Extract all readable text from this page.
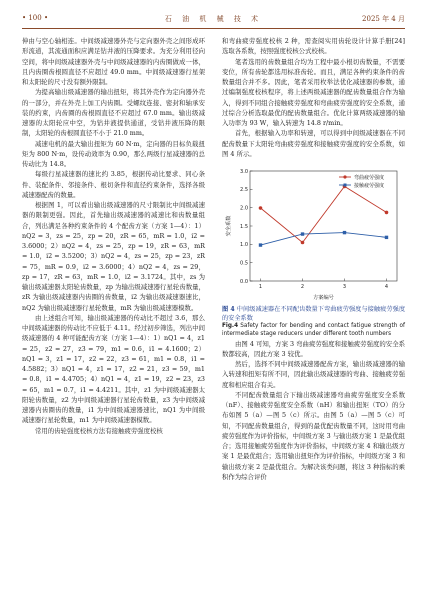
• 100 •	石 油 机 械 技 术	2025 年 4 月

伸由与空心轴相连。中间级减速器外壳与定向器外壳之间形成环形流道，其流通面积应满足钻井液的压降要求。为充分利用径向空间，将中间级减速器外壳与中间级减速器的内齿圈做成一体，且内齿圈齿根圆直径不应超过 49.0 mm。中间级减速器行星架和太阳轮的尺寸没有额外限制。

为提高输出级减速器的输出扭矩，将其外壳作为定向器外壳的一部分，并在外壳上加工内齿圈。受螺纹连接、密封和轴承安装的约束，内齿圈的齿根圆直径不应超过 67.0 mm。输出级减速器的太阳轮应中空，为钻井液提供通道，受钻井液压降的限制，太阳轮的齿根圆直径不小于 21.0 mm。

减速电机的最大输出扭矩为 60 N·m，定向器的目标负载扭矩为 800 N·m，设传动效率为 0.90，那么两级行星减速器的总传动比为 14.8。

每级行星减速器的速比约 3.85，根据传动比要求、同心条件、装配条件、邻接条件、根切条件和直径约束条件，选择各级减速器配齿的数量。

根据图 1，可以看出输出级减速器的尺寸限制比中间级减速器的限制更强。因此，首先输出级减速器的减速比和齿数量组合，列出满足各种约束条件的 4 个配齿方案（方案 1—4）：1）nQ2 = 3，zs = 25，zp = 20，zR = 65，mR = 1.0，i2 = 3.6000；2）nQ2 = 4，zs = 25，zp = 19，zR = 63，mR = 1.0，i2 = 3.5200；3）nQ2 = 4，zs = 25，zp = 23，zR = 75，mR = 0.9，i2 = 3.6000；4）nQ2 = 4，zs = 29，zp = 17，zR = 63，mR = 1.0，i2 = 3.1724。其中，zs 为输出级减速器太阳轮齿数量，zp 为输出级减速器行星轮齿数量，zR 为输出级减速器内齿圈的齿数量，i2 为输出级减速器速比，nQ2 为输出级减速器行星轮数量，mR 为输出级减速器模数。

由上述组合可知，输出级减速器的传动比不超过 3.6，那么中间级减速器的传动比不应低于 4.11。经过初步筛选，列出中间级减速器的 4 种可能配齿方案（方案 1—4）：1）nQ1 = 4，z1 = 25，z2 = 27，z3 = 79，m1 = 0.6，i1 = 4.1600；2）nQ1 = 3，z1 = 17，z2 = 22，z3 = 61，m1 = 0.8，i1 = 4.5882；3）nQ1 = 4，z1 = 17，z2 = 21，z3 = 59，m1 = 0.8，i1 = 4.4705；4）nQ1 = 4，z1 = 19，z2 = 23，z3 = 65，m1 = 0.7，i1 = 4.4211。其中，z1 为中间级减速器太阳轮齿数量，z2 为中间级减速器行星轮齿数量，z3 为中间级减速器内齿圈齿的数量，i1 为中间级减速器速比，nQ1 为中间级减速器行星轮数量，m1 为中间级减速器模数。

常用的齿轮强度校核方法有接触疲劳强度校核

和弯曲疲劳强度校核 2 种，需查阅实用齿轮设计计算手册[24] 选取各系数，按照强度校核公式校核。

笔者选用的齿数量组合均为工程中最小根切齿数量，不需要变位，所有齿轮都选用标准齿轮。而且，满足各种约束条件的齿数量组合并不多。因此，笔者采用枚举法优化减速器的参数，通过编制强度校核程序，将上述两级减速器的配齿数量组合作为输入，得到不同组合接触疲劳强度和弯曲疲劳强度的安全系数，通过综合分析选取最优的配齿数量组合。优化计算两级减速器的输入功率为 93 W，输入转速为 14.8 r/min。

首先，根据输入功率和转速，可以得到中间级减速器在不同配齿数量下太阳轮弯曲疲劳强度和接触疲劳强度的安全系数，如图 4 所示。

0.0
0.5
1.0
1.5
2.0
2.5
3.0
1	2	3	4
方案编号
安全系数
弯曲疲劳强度
接触疲劳强度
图 4 中间级减速器在不同配齿数量下弯曲疲劳强度与接触疲劳强度的安全系数
Fig.4 Safety factor for bending and contact fatigue strength of intermediate stage reducers under different tooth numbers

由图 4 可知，方案 3 弯曲疲劳强度和接触疲劳强度的安全系数都较高，因此方案 3 较优。

然后，选择不同中间级减速器配齿方案，输出级减速器的输入转速和扭矩有所不同，因此输出级减速器的弯曲、接触疲劳强度和相应组合有关。

不同配齿数量组合下输出级减速器弯曲疲劳强度安全系数（nF）、接触疲劳强度安全系数（nH）和输出扭矩（TO）的分布如图 5（a）—图 5（c）所示。由图 5（a）—图 5（c）可知，不同配齿数量组合，得到的最优配齿数量不同，这时用弯曲疲劳强度作为评价指标，中间级方案 3 与输出级方案 1 是最优组合；选用接触疲劳强度作为评价指标，中间级方案 4 和输出级方案 1 是最优组合；选用输出扭矩作为评价指标，中间级方案 3 和输出级方案 2 是最优组合。为解决该类问题，将这 3 种指标的乘积作为综合评价
